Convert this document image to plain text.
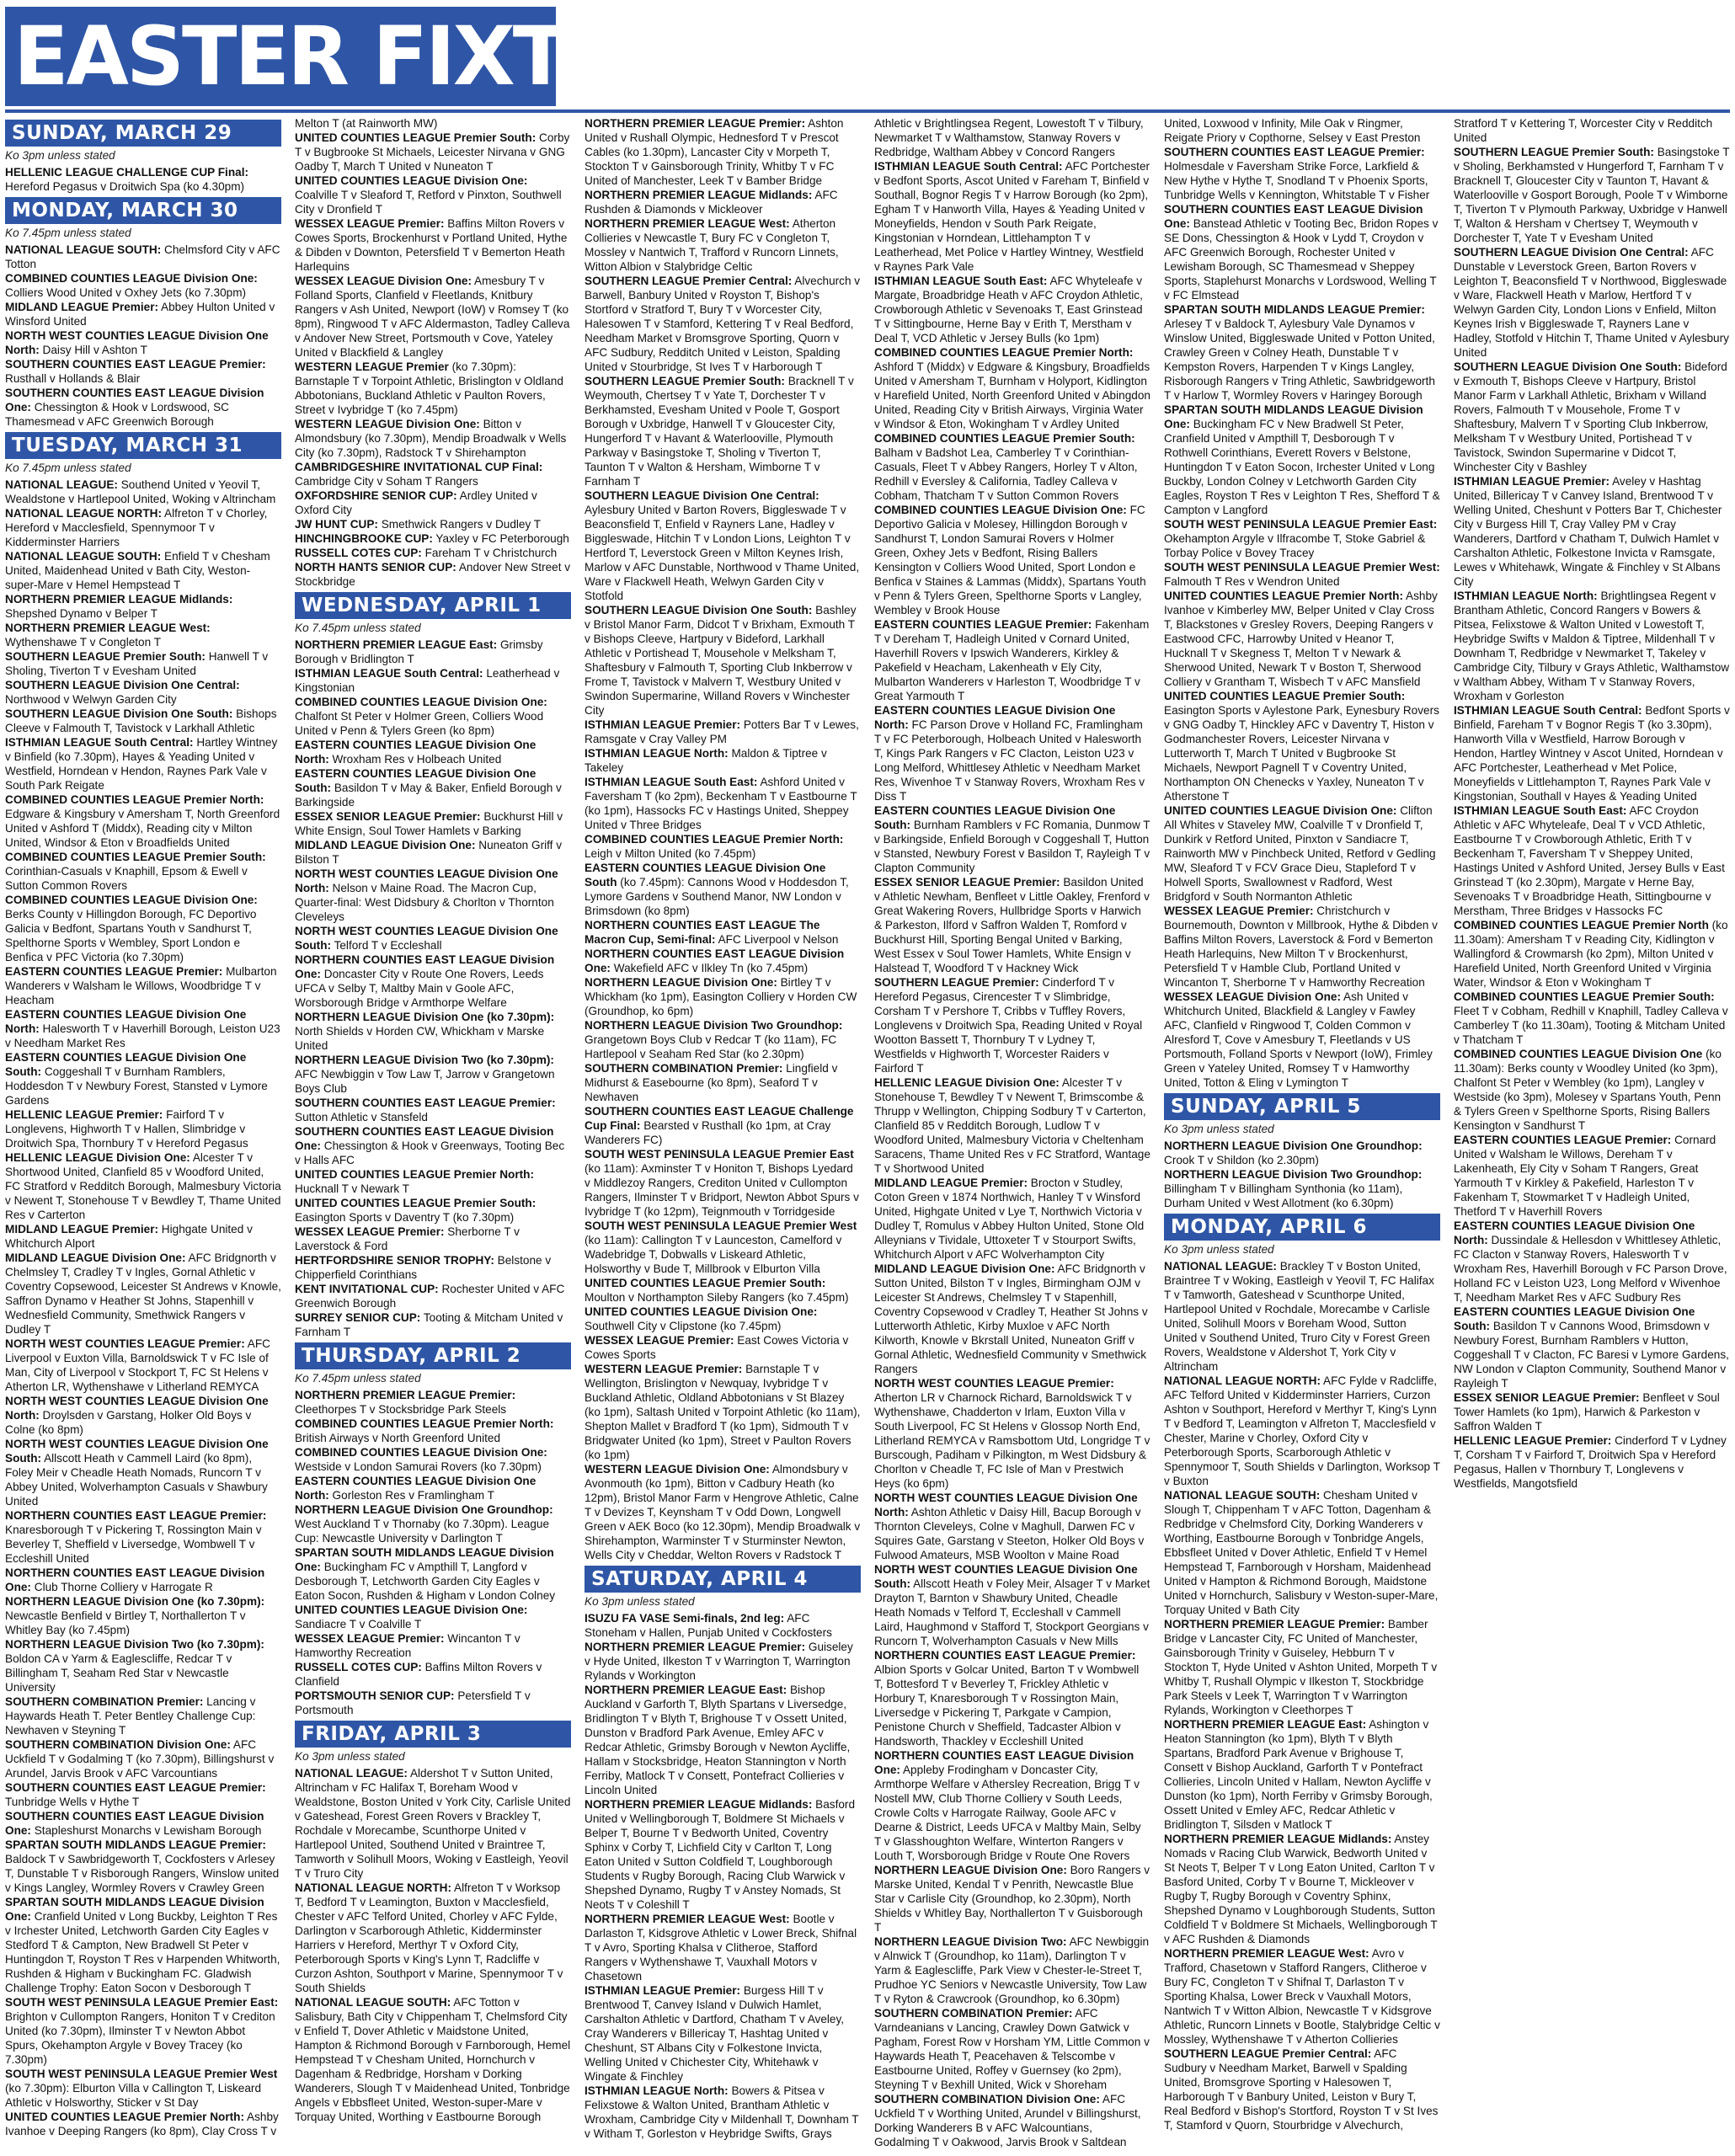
EASTER FIXTURES
SUNDAY, MARCH 29
Ko 3pm unless stated
HELLENIC LEAGUE CHALLENGE CUP Final: Hereford Pegasus v Droitwich Spa (ko 4.30pm)
MONDAY, MARCH 30
Ko 7.45pm unless stated
NATIONAL LEAGUE SOUTH: Chelmsford City v AFC Totton
COMBINED COUNTIES LEAGUE Division One: Colliers Wood United v Oxhey Jets (ko 7.30pm)
MIDLAND LEAGUE Premier: Abbey Hulton United v Winsford United
NORTH WEST COUNTIES LEAGUE Division One North: Daisy Hill v Ashton T
SOUTHERN COUNTIES EAST LEAGUE Premier: Rusthall v Hollands & Blair
SOUTHERN COUNTIES EAST LEAGUE Division One: Chessington & Hook v Lordswood, SC Thamesmead v AFC Greenwich Borough
TUESDAY, MARCH 31
Ko 7.45pm unless stated
NATIONAL LEAGUE: Southend United v Yeovil T, Wealdstone v Hartlepool United, Woking v Altrincham
NATIONAL LEAGUE NORTH: Alfreton T v Chorley, Hereford v Macclesfield, Spennymoor T v Kidderminster Harriers
NATIONAL LEAGUE SOUTH: Enfield T v Chesham United, Maidenhead United v Bath City, Weston-super-Mare v Hemel Hempstead T
NORTHERN PREMIER LEAGUE Midlands: Shepshed Dynamo v Belper T
NORTHERN PREMIER LEAGUE West: Wythenshawe T v Congleton T
SOUTHERN LEAGUE Premier South: Hanwell T v Sholing, Tiverton T v Evesham United
SOUTHERN LEAGUE Division One Central: Northwood v Welwyn Garden City
SOUTHERN LEAGUE Division One South: Bishops Cleeve v Falmouth T, Tavistock v Larkhall Athletic
ISTHMIAN LEAGUE South Central: Hartley Wintney v Binfield (ko 7.30pm), Hayes & Yeading United v Westfield, Horndean v Hendon, Raynes Park Vale v South Park Reigate
COMBINED COUNTIES LEAGUE Premier North: Edgware & Kingsbury v Amersham T, North Greenford United v Ashford T (Middx), Reading city v Milton United, Windsor & Eton v Broadfields United
COMBINED COUNTIES LEAGUE Premier South: Corinthian-Casuals v Knaphill, Epsom & Ewell v Sutton Common Rovers
COMBINED COUNTIES LEAGUE Division One: Berks County v Hillingdon Borough, FC Deportivo Galicia v Bedfont, Spartans Youth v Sandhurst T, Spelthorne Sports v Wembley, Sport London e Benfica v PFC Victoria (ko 7.30pm)
EASTERN COUNTIES LEAGUE Premier: Mulbarton Wanderers v Walsham le Willows, Woodbridge T v Heacham
EASTERN COUNTIES LEAGUE Division One North: Halesworth T v Haverhill Borough, Leiston U23 v Needham Market Res
EASTERN COUNTIES LEAGUE Division One South: Coggeshall T v Burnham Ramblers, Hoddesdon T v Newbury Forest, Stansted v Lymore Gardens
HELLENIC LEAGUE Premier: Fairford T v Longlevens, Highworth T v Hallen, Slimbridge v Droitwich Spa, Thornbury T v Hereford Pegasus
HELLENIC LEAGUE Division One: Alcester T v Shortwood United, Clanfield 85 v Woodford United, FC Stratford v Redditch Borough, Malmesbury Victoria v Newent T, Stonehouse T v Bewdley T, Thame United Res v Carterton
MIDLAND LEAGUE Premier: Highgate United v Whitchurch Alport
MIDLAND LEAGUE Division One: AFC Bridgnorth v Chelmsley T, Cradley T v Ingles, Gornal Athletic v Coventry Copsewood, Leicester St Andrews v Knowle, Saffron Dynamo v Heather St Johns, Stapenhill v Wednesfield Community, Smethwick Rangers v Dudley T
NORTH WEST COUNTIES LEAGUE Premier: AFC Liverpool v Euxton Villa, Barnoldswick T v FC Isle of Man, City of Liverpool v Stockport T, FC St Helens v Atherton LR, Wythenshawe v Litherland REMYCA
NORTH WEST COUNTIES LEAGUE Division One North: Droylsden v Garstang, Holker Old Boys v Colne (ko 8pm)
NORTH WEST COUNTIES LEAGUE Division One South: Allscott Heath v Cammell Laird (ko 8pm), Foley Meir v Cheadle Heath Nomads, Runcorn T v Abbey United, Wolverhampton Casuals v Shawbury United
NORTHERN COUNTIES EAST LEAGUE Premier: Knaresborough T v Pickering T, Rossington Main v Beverley T, Sheffield v Liversedge, Wombwell T v Eccleshill United
NORTHERN COUNTIES EAST LEAGUE Division One: Club Thorne Colliery v Harrogate R
NORTHERN LEAGUE Division One (ko 7.30pm): Newcastle Benfield v Birtley T, Northallerton T v Whitley Bay (ko 7.45pm)
NORTHERN LEAGUE Division Two (ko 7.30pm): Boldon CA v Yarm & Eaglescliffe, Redcar T v Billingham T, Seaham Red Star v Newcastle University
SOUTHERN COMBINATION Premier: Lancing v Haywards Heath T. Peter Bentley Challenge Cup: Newhaven v Steyning T
SOUTHERN COMBINATION Division One: AFC Uckfield T v Godalming T (ko 7.30pm), Billingshurst v Arundel, Jarvis Brook v AFC Varcountians
SOUTHERN COUNTIES EAST LEAGUE Premier: Tunbridge Wells v Hythe T
SOUTHERN COUNTIES EAST LEAGUE Division One: Stapleshurst Monarchs v Lewisham Borough
SPARTAN SOUTH MIDLANDS LEAGUE Premier: Baldock T v Sawbridgeworth T, Cockfosters v Arlesey T, Dunstable T v Risborough Rangers, Winslow united v Kings Langley, Wormley Rovers v Crawley Green
SPARTAN SOUTH MIDLANDS LEAGUE Division One: Cranfield United v Long Buckby, Leighton T Res v Irchester United, Letchworth Garden City Eagles v Stedford T & Campton, New Bradwell St Peter v Huntingdon T, Royston T Res v Harpenden Whitworth, Rushden & Higham v Buckingham FC. Gladwish Challenge Trophy: Eaton Socon v Desborough T
SOUTH WEST PENINSULA LEAGUE Premier East: Brighton v Cullompton Rangers, Honiton T v Crediton United (ko 7.30pm), Ilminster T v Newton Abbot Spurs, Okehampton Argyle v Bovey Tracey (ko 7.30pm)
SOUTH WEST PENINSULA LEAGUE Premier West (ko 7.30pm): Elburton Villa v Callington T, Liskeard Athletic v Holsworthy, Sticker v St Day
UNITED COUNTIES LEAGUE Premier North: Ashby Ivanhoe v Deeping Rangers (ko 8pm), Clay Cross T v Melton T (at Rainworth MW)
UNITED COUNTIES LEAGUE Premier South: Corby T v Bugbrooke St Michaels, Leicester Nirvana v GNG Oadby T, March T United v Nuneaton T
UNITED COUNTIES LEAGUE Division One: Coalville T v Sleaford T, Retford v Pinxton, Southwell City v Dronfield T
WESSEX LEAGUE Premier: Baffins Milton Rovers v Cowes Sports, Brockenhurst v Portland United, Hythe & Dibden v Downton, Petersfield T v Bemerton Heath Harlequins
WESSEX LEAGUE Division One: Amesbury T v Folland Sports, Clanfield v Fleetlands, Knitbury Rangers v Ash United, Newport (IoW) v Romsey T (ko 8pm), Ringwood T v AFC Aldermaston, Tadley Calleva v Andover New Street, Portsmouth v Cove, Yateley United v Blackfield & Langley
WESTERN LEAGUE Premier (ko 7.30pm): Barnstaple T v Torpoint Athletic, Brislington v Oldland Abbotonians, Buckland Athletic v Paulton Rovers, Street v Ivybridge T (ko 7.45pm)
WESTERN LEAGUE Division One: Bitton v Almondsbury (ko 7.30pm), Mendip Broadwalk v Wells City (ko 7.30pm), Radstock T v Shirehampton
CAMBRIDGESHIRE INVITATIONAL CUP Final: Cambridge City v Soham T Rangers
OXFORDSHIRE SENIOR CUP: Ardley United v Oxford City
JW HUNT CUP: Smethwick Rangers v Dudley T
HINCHINGBROOKE CUP: Yaxley v FC Peterborough
RUSSELL COTES CUP: Fareham T v Christchurch
NORTH HANTS SENIOR CUP: Andover New Street v Stockbridge
WEDNESDAY, APRIL 1
Ko 7.45pm unless stated
NORTHERN PREMIER LEAGUE East: Grimsby Borough v Bridlington T
ISTHMIAN LEAGUE South Central: Leatherhead v Kingstonian
COMBINED COUNTIES LEAGUE Division One: Chalfont St Peter v Holmer Green, Colliers Wood United v Penn & Tylers Green (ko 8pm)
EASTERN COUNTIES LEAGUE Division One North: Wroxham Res v Holbeach United
EASTERN COUNTIES LEAGUE Division One South: Basildon T v May & Baker, Enfield Borough v Barkingside
ESSEX SENIOR LEAGUE Premier: Buckhurst Hill v White Ensign, Soul Tower Hamlets v Barking
MIDLAND LEAGUE Division One: Nuneaton Griff v Bilston T
NORTH WEST COUNTIES LEAGUE Division One North: Nelson v Maine Road. The Macron Cup, Quarter-final: West Didsbury & Chorlton v Thornton Cleveleys
NORTH WEST COUNTIES LEAGUE Division One South: Telford T v Eccleshall
NORTHERN COUNTIES EAST LEAGUE Division One: Doncaster City v Route One Rovers, Leeds UFCA v Selby T, Maltby Main v Goole AFC, Worsborough Bridge v Armthorpe Welfare
NORTHERN LEAGUE Division One (ko 7.30pm): North Shields v Horden CW, Whickham v Marske United
NORTHERN LEAGUE Division Two (ko 7.30pm): AFC Newbiggin v Tow Law T, Jarrow v Grangetown Boys Club
SOUTHERN COUNTIES EAST LEAGUE Premier: Sutton Athletic v Stansfeld
SOUTHERN COUNTIES EAST LEAGUE Division One: Chessington & Hook v Greenways, Tooting Bec v Halls AFC
UNITED COUNTIES LEAGUE Premier North: Hucknall T v Newark T
UNITED COUNTIES LEAGUE Premier South: Easington Sports v Daventry T (ko 7.30pm)
WESSEX LEAGUE Premier: Sherborne T v Laverstock & Ford
HERTFORDSHIRE SENIOR TROPHY: Belstone v Chipperfield Corinthians
KENT INVITATIONAL CUP: Rochester United v AFC Greenwich Borough
SURREY SENIOR CUP: Tooting & Mitcham United v Farnham T
THURSDAY, APRIL 2
Ko 7.45pm unless stated
NORTHERN PREMIER LEAGUE Premier: Cleethorpes T v Stocksbridge Park Steels
COMBINED COUNTIES LEAGUE Premier North: British Airways v North Greenford United
COMBINED COUNTIES LEAGUE Division One: Westside v London Samurai Rovers (ko 7.30pm)
EASTERN COUNTIES LEAGUE Division One North: Gorleston Res v Framlingham T
NORTHERN LEAGUE Division One Groundhop: West Auckland T v Thornaby (ko 7.30pm). League Cup: Newcastle University v Darlington T
SPARTAN SOUTH MIDLANDS LEAGUE Division One: Buckingham FC v Ampthill T, Langford v Desborough T, Letchworth Garden City Eagles v Eaton Socon, Rushden & Higham v London Colney
UNITED COUNTIES LEAGUE Division One: Sandiacre T v Coalville T
WESSEX LEAGUE Premier: Wincanton T v Hamworthy Recreation
RUSSELL COTES CUP: Baffins Milton Rovers v Clanfield
PORTSMOUTH SENIOR CUP: Petersfield T v Portsmouth
FRIDAY, APRIL 3
Ko 3pm unless stated
NATIONAL LEAGUE: Aldershot T v Sutton United, Altrincham v FC Halifax T, Boreham Wood v Wealdstone, Boston United v York City, Carlisle United v Gateshead, Forest Green Rovers v Brackley T, Rochdale v Morecambe, Scunthorpe United v Hartlepool United, Southend United v Braintree T, Tamworth v Solihull Moors, Woking v Eastleigh, Yeovil T v Truro City
NATIONAL LEAGUE NORTH: Alfreton T v Worksop T, Bedford T v Leamington, Buxton v Macclesfield, Chester v AFC Telford United, Chorley v AFC Fylde, Darlington v Scarborough Athletic, Kidderminster Harriers v Hereford, Merthyr T v Oxford City, Peterborough Sports v King's Lynn T, Radcliffe v Curzon Ashton, Southport v Marine, Spennymoor T v South Shields
NATIONAL LEAGUE SOUTH: AFC Totton v Salisbury, Bath City v Chippenham T, Chelmsford City v Enfield T, Dover Athletic v Maidstone United, Hampton & Richmond Borough v Farnborough, Hemel Hempstead T v Chesham United, Hornchurch v Dagenham & Redbridge, Horsham v Dorking Wanderers, Slough T v Maidenhead United, Tonbridge Angels v Ebbsfleet United, Weston-super-Mare v Torquay United, Worthing v Eastbourne Borough
NORTHERN PREMIER LEAGUE Premier: Ashton United v Rushall Olympic, Hednesford T v Prescot Cables (ko 1.30pm), Lancaster City v Morpeth T, Stockton T v Gainsborough Trinity, Whitby T v FC United of Manchester, Leek T v Bamber Bridge
NORTHERN PREMIER LEAGUE Midlands: AFC Rushden & Diamonds v Mickleover
NORTHERN PREMIER LEAGUE West: Atherton Collieries v Newcastle T, Bury FC v Congleton T, Mossley v Nantwich T, Trafford v Runcorn Linnets, Witton Albion v Stalybridge Celtic
SOUTHERN LEAGUE Premier Central: Alvechurch v Barwell, Banbury United v Royston T, Bishop's Stortford v Stratford T, Bury T v Worcester City, Halesowen T v Stamford, Kettering T v Real Bedford, Needham Market v Bromsgrove Sporting, Quorn v AFC Sudbury, Redditch United v Leiston, Spalding United v Stourbridge, St Ives T v Harborough T
SOUTHERN LEAGUE Premier South: Bracknell T v Weymouth, Chertsey T v Yate T, Dorchester T v Berkhamsted, Evesham United v Poole T, Gosport Borough v Uxbridge, Hanwell T v Gloucester City, Hungerford T v Havant & Waterlooville, Plymouth Parkway v Basingstoke T, Sholing v Tiverton T, Taunton T v Walton & Hersham, Wimborne T v Farnham T
SOUTHERN LEAGUE Division One Central: Aylesbury United v Barton Rovers, Biggleswade T v Beaconsfield T, Enfield v Rayners Lane, Hadley v Biggleswade, Hitchin T v London Lions, Leighton T v Hertford T, Leverstock Green v Milton Keynes Irish, Marlow v AFC Dunstable, Northwood v Thame United, Ware v Flackwell Heath, Welwyn Garden City v Stotfold
SOUTHERN LEAGUE Division One South: Bashley v Bristol Manor Farm, Didcot T v Brixham, Exmouth T v Bishops Cleeve, Hartpury v Bideford, Larkhall Athletic v Portishead T, Mousehole v Melksham T, Shaftesbury v Falmouth T, Sporting Club Inkberrow v Frome T, Tavistock v Malvern T, Westbury United v Swindon Supermarine, Willand Rovers v Winchester City
ISTHMIAN LEAGUE Premier: Potters Bar T v Lewes, Ramsgate v Cray Valley PM
ISTHMIAN LEAGUE North: Maldon & Tiptree v Takeley
ISTHMIAN LEAGUE South East: Ashford United v Faversham T (ko 2pm), Beckenham T v Eastbourne T (ko 1pm), Hassocks FC v Hastings United, Sheppey United v Three Bridges
COMBINED COUNTIES LEAGUE Premier North: Leigh v Milton United (ko 7.45pm)
EASTERN COUNTIES LEAGUE Division One South (ko 7.45pm): Cannons Wood v Hoddesdon T, Lymore Gardens v Southend Manor, NW London v Brimsdown (ko 8pm)
NORTHERN COUNTIES EAST LEAGUE The Macron Cup, Semi-final: AFC Liverpool v Nelson
NORTHERN COUNTIES EAST LEAGUE Division One: Wakefield AFC v Ilkley Tn (ko 7.45pm)
NORTHERN LEAGUE Division One: Birtley T v Whickham (ko 1pm), Easington Colliery v Horden CW (Groundhop, ko 6pm)
NORTHERN LEAGUE Division Two Groundhop: Grangetown Boys Club v Redcar T (ko 11am), FC Hartlepool v Seaham Red Star (ko 2.30pm)
SOUTHERN COMBINATION Premier: Lingfield v Midhurst & Easebourne (ko 8pm), Seaford T v Newhaven
SOUTHERN COUNTIES EAST LEAGUE Challenge Cup Final: Bearsted v Rusthall (ko 1pm, at Cray Wanderers FC)
SOUTH WEST PENINSULA LEAGUE Premier East (ko 11am): Axminster T v Honiton T, Bishops Lyedard v Middlezoy Rangers, Crediton United v Cullompton Rangers, Ilminster T v Bridport, Newton Abbot Spurs v Ivybridge T (ko 12pm), Teignmouth v Torridgeside
SOUTH WEST PENINSULA LEAGUE Premier West (ko 11am): Callington T v Launceston, Camelford v Wadebridge T, Dobwalls v Liskeard Athletic, Holsworthy v Bude T, Millbrook v Elburton Villa
UNITED COUNTIES LEAGUE Premier South: Moulton v Northampton Sileby Rangers (ko 7.45pm)
UNITED COUNTIES LEAGUE Division One: Southwell City v Clipstone (ko 7.45pm)
WESSEX LEAGUE Premier: East Cowes Victoria v Cowes Sports
WESTERN LEAGUE Premier: Barnstaple T v Wellington, Brislington v Newquay, Ivybridge T v Buckland Athletic, Oldland Abbotonians v St Blazey (ko 1pm), Saltash United v Torpoint Athletic (ko 11am), Shepton Mallet v Bradford T (ko 1pm), Sidmouth T v Bridgwater United (ko 1pm), Street v Paulton Rovers (ko 1pm)
WESTERN LEAGUE Division One: Almondsbury v Avonmouth (ko 1pm), Bitton v Cadbury Heath (ko 12pm), Bristol Manor Farm v Hengrove Athletic, Calne T v Devizes T, Keynsham T v Odd Down, Longwell Green v AEK Boco (ko 12.30pm), Mendip Broadwalk v Shirehampton, Warminster T v Sturminster Newton, Wells City v Cheddar, Welton Rovers v Radstock T
SATURDAY, APRIL 4
Ko 3pm unless stated
ISUZU FA VASE Semi-finals, 2nd leg: AFC Stoneham v Hallen, Punjab United v Cockfosters
NORTHERN PREMIER LEAGUE Premier: Guiseley v Hyde United, Ilkeston T v Warrington T, Warrington Rylands v Workington
NORTHERN PREMIER LEAGUE East: Bishop Auckland v Garforth T, Blyth Spartans v Liversedge, Bridlington T v Blyth T, Brighouse T v Ossett United, Dunston v Bradford Park Avenue, Emley AFC v Redcar Athletic, Grimsby Borough v Newton Aycliffe, Hallam v Stocksbridge, Heaton Stannington v North Ferriby, Matlock T v Consett, Pontefract Collieries v Lincoln United
NORTHERN PREMIER LEAGUE Midlands: Basford United v Wellingborough T, Boldmere St Michaels v Belper T, Bourne T v Bedworth United, Coventry Sphinx v Corby T, Lichfield City v Carlton T, Long Eaton United v Sutton Coldfield T, Loughborough Students v Rugby Borough, Racing Club Warwick v Shepshed Dynamo, Rugby T v Anstey Nomads, St Neots T v Coleshill T
NORTHERN PREMIER LEAGUE West: Bootle v Darlaston T, Kidsgrove Athletic v Lower Breck, Shifnal T v Avro, Sporting Khalsa v Clitheroe, Stafford Rangers v Wythenshawe T, Vauxhall Motors v Chasetown
ISTHMIAN LEAGUE Premier: Burgess Hill T v Brentwood T, Canvey Island v Dulwich Hamlet, Carshalton Athletic v Dartford, Chatham T v Aveley, Cray Wanderers v Billericay T, Hashtag United v Cheshunt, ST Albans City v Folkestone Invicta, Welling United v Chichester City, Whitehawk v Wingate & Finchley
ISTHMIAN LEAGUE North: Bowers & Pitsea v Felixstowe & Walton United, Brantham Athletic v Wroxham, Cambridge City v Mildenhall T, Downham T v Witham T, Gorleston v Heybridge Swifts, Grays Athletic v Brightlingsea Regent, Lowestoft T v Tilbury, Newmarket T v Walthamstow, Stanway Rovers v Redbridge, Waltham Abbey v Concord Rangers
ISTHMIAN LEAGUE South Central: AFC Portchester v Bedfont Sports, Ascot United v Fareham T, Binfield v Southall, Bognor Regis T v Harrow Borough (ko 2pm), Egham T v Hanworth Villa, Hayes & Yeading United v Moneyfields, Hendon v South Park Reigate, Kingstonian v Horndean, Littlehampton T v Leatherhead, Met Police v Hartley Wintney, Westfield v Raynes Park Vale
ISTHMIAN LEAGUE South East: AFC Whyteleafe v Margate, Broadbridge Heath v AFC Croydon Athletic, Crowborough Athletic v Sevenoaks T, East Grinstead T v Sittingbourne, Herne Bay v Erith T, Merstham v Deal T, VCD Athletic v Jersey Bulls (ko 1pm)
COMBINED COUNTIES LEAGUE Premier North: Ashford T (Middx) v Edgware & Kingsbury, Broadfields United v Amersham T, Burnham v Holyport, Kidlington v Harefield United, North Greenford United v Abingdon United, Reading City v British Airways, Virginia Water v Windsor & Eton, Wokingham T v Ardley United
COMBINED COUNTIES LEAGUE Premier South: Balham v Badshot Lea, Camberley T v Corinthian-Casuals, Fleet T v Abbey Rangers, Horley T v Alton, Redhill v Eversley & California, Tadley Calleva v Cobham, Thatcham T v Sutton Common Rovers
COMBINED COUNTIES LEAGUE Division One: FC Deportivo Galicia v Molesey, Hillingdon Borough v Sandhurst T, London Samurai Rovers v Holmer Green, Oxhey Jets v Bedfont, Rising Ballers Kensington v Colliers Wood United, Sport London e Benfica v Staines & Lammas (Middx), Spartans Youth v Penn & Tylers Green, Spelthorne Sports v Langley, Wembley v Brook House
EASTERN COUNTIES LEAGUE Premier: Fakenham T v Dereham T, Hadleigh United v Cornard United, Haverhill Rovers v Ipswich Wanderers, Kirkley & Pakefield v Heacham, Lakenheath v Ely City, Mulbarton Wanderers v Harleston T, Woodbridge T v Great Yarmouth T
EASTERN COUNTIES LEAGUE Division One North: FC Parson Drove v Holland FC, Framlingham T v FC Peterborough, Holbeach United v Halesworth T, Kings Park Rangers v FC Clacton, Leiston U23 v Long Melford, Whittlesey Athletic v Needham Market Res, Wivenhoe T v Stanway Rovers, Wroxham Res v Diss T
EASTERN COUNTIES LEAGUE Division One South: Burnham Ramblers v FC Romania, Dunmow T v Barkingside, Enfield Borough v Coggeshall T, Hutton v Stansted, Newbury Forest v Basildon T, Rayleigh T v Clapton Community
ESSEX SENIOR LEAGUE Premier: Basildon United v Athletic Newham, Benfleet v Little Oakley, Frenford v Great Wakering Rovers, Hullbridge Sports v Harwich & Parkeston, Ilford v Saffron Walden T, Romford v Buckhurst Hill, Sporting Bengal United v Barking, West Essex v Soul Tower Hamlets, White Ensign v Halstead T, Woodford T v Hackney Wick
SOUTHERN LEAGUE Premier: Cinderford T v Hereford Pegasus, Cirencester T v Slimbridge, Corsham T v Pershore T, Cribbs v Tuffley Rovers, Longlevens v Droitwich Spa, Reading United v Royal Wootton Bassett T, Thornbury T v Lydney T, Westfields v Highworth T, Worcester Raiders v Fairford T
HELLENIC LEAGUE Division One: Alcester T v Stonehouse T, Bewdley T v Newent T, Brimscombe & Thrupp v Wellington, Chipping Sodbury T v Carterton, Clanfield 85 v Redditch Borough, Ludlow T v Woodford United, Malmesbury Victoria v Cheltenham Saracens, Thame United Res v FC Stratford, Wantage T v Shortwood United
MIDLAND LEAGUE Premier: Brocton v Studley, Coton Green v 1874 Northwich, Hanley T v Winsford United, Highgate United v Lye T, Northwich Victoria v Dudley T, Romulus v Abbey Hulton United, Stone Old Alleynians v Tividale, Uttoxeter T v Stourport Swifts, Whitchurch Alport v AFC Wolverhampton City
MIDLAND LEAGUE Division One: AFC Bridgnorth v Sutton United, Bilston T v Ingles, Birmingham OJM v Leicester St Andrews, Chelmsley T v Stapenhill, Coventry Copsewood v Cradley T, Heather St Johns v Lutterworth Athletic, Kirby Muxloe v AFC North Kilworth, Knowle v Bkrstall United, Nuneaton Griff v Gornal Athletic, Wednesfield Community v Smethwick Rangers
NORTH WEST COUNTIES LEAGUE Premier: Atherton LR v Charnock Richard, Barnoldswick T v Wythenshawe, Chadderton v Irlam, Euxton Villa v South Liverpool, FC St Helens v Glossop North End, Litherland REMYCA v Ramsbottom Utd, Longridge T v Burscough, Padiham v Pilkington, m West Didsbury & Chorlton v Cheadle T, FC Isle of Man v Prestwich Heys (ko 6pm)
NORTH WEST COUNTIES LEAGUE Division One North: Ashton Athletic v Daisy Hill, Bacup Borough v Thornton Cleveleys, Colne v Maghull, Darwen FC v Squires Gate, Garstang v Steeton, Holker Old Boys v Fulwood Amateurs, MSB Woolton v Maine Road
NORTH WEST COUNTIES LEAGUE Division One South: Allscott Heath v Foley Meir, Alsager T v Market Drayton T, Barnton v Shawbury United, Cheadle Heath Nomads v Telford T, Eccleshall v Cammell Laird, Haughmond v Stafford T, Stockport Georgians v Runcorn T, Wolverhampton Casuals v New Mills
NORTHERN COUNTIES EAST LEAGUE Premier: Albion Sports v Golcar United, Barton T v Wombwell T, Bottesford T v Beverley T, Frickley Athletic v Horbury T, Knaresborough T v Rossington Main, Liversedge v Pickering T, Parkgate v Campion, Penistone Church v Sheffield, Tadcaster Albion v Handsworth, Thackley v Eccleshill United
NORTHERN COUNTIES EAST LEAGUE Division One: Appleby Frodingham v Doncaster City, Armthorpe Welfare v Athersley Recreation, Brigg T v Nostell MW, Club Thorne Colliery v South Leeds, Crowle Colts v Harrogate Railway, Goole AFC v Dearne & District, Leeds UFCA v Maltby Main, Selby T v Glasshoughton Welfare, Winterton Rangers v Louth T, Worsborough Bridge v Route One Rovers
NORTHERN LEAGUE Division One: Boro Rangers v Marske United, Kendal T v Penrith, Newcastle Blue Star v Carlisle City (Groundhop, ko 2.30pm), North Shields v Whitley Bay, Northallerton T v Guisborough T
NORTHERN LEAGUE Division Two: AFC Newbiggin v Alnwick T (Groundhop, ko 11am), Darlington T v Yarm & Eaglescliffe, Park View v Chester-le-Street T, Prudhoe YC Seniors v Newcastle University, Tow Law T v Ryton & Crawcrook (Groundhop, ko 6.30pm)
SOUTHERN COMBINATION Premier: AFC Varndeanians v Lancing, Crawley Down Gatwick v Pagham, Forest Row v Horsham YM, Little Common v Haywards Heath T, Peacehaven & Telscombe v Eastbourne United, Roffey v Guernsey (ko 2pm), Steyning T v Bexhill United, Wick v Shoreham
SOUTHERN COMBINATION Division One: AFC Uckfield T v Worthing United, Arundel v Billingshurst, Dorking Wanderers B v AFC Walcountians, Godalming T v Oakwood, Jarvis Brook v Saltdean United, Loxwood v Infinity, Mile Oak v Ringmer, Reigate Priory v Copthorne, Selsey v East Preston
SOUTHERN COUNTIES EAST LEAGUE Premier: Holmesdale v Faversham Strike Force, Larkfield & New Hythe v Hythe T, Snodland T v Phoenix Sports, Tunbridge Wells v Kennington, Whitstable T v Fisher
SOUTHERN COUNTIES EAST LEAGUE Division One: Banstead Athletic v Tooting Bec, Bridon Ropes v SE Dons, Chessington & Hook v Lydd T, Croydon v AFC Greenwich Borough, Rochester United v Lewisham Borough, SC Thamesmead v Sheppey Sports, Staplehurst Monarchs v Lordswood, Welling T v FC Elmstead
SPARTAN SOUTH MIDLANDS LEAGUE Premier: Arlesey T v Baldock T, Aylesbury Vale Dynamos v Winslow United, Biggleswade United v Potton United, Crawley Green v Colney Heath, Dunstable T v Kempston Rovers, Harpenden T v Kings Langley, Risborough Rangers v Tring Athletic, Sawbridgeworth T v Harlow T, Wormley Rovers v Haringey Borough
SPARTAN SOUTH MIDLANDS LEAGUE Division One: Buckingham FC v New Bradwell St Peter, Cranfield United v Ampthill T, Desborough T v Rothwell Corinthians, Everett Rovers v Belstone, Huntingdon T v Eaton Socon, Irchester United v Long Buckby, London Colney v Letchworth Garden City Eagles, Royston T Res v Leighton T Res, Shefford T & Campton v Langford
SOUTH WEST PENINSULA LEAGUE Premier East: Okehampton Argyle v Ilfracombe T, Stoke Gabriel & Torbay Police v Bovey Tracey
SOUTH WEST PENINSULA LEAGUE Premier West: Falmouth T Res v Wendron United
UNITED COUNTIES LEAGUE Premier North: Ashby Ivanhoe v Kimberley MW, Belper United v Clay Cross T, Blackstones v Gresley Rovers, Deeping Rangers v Eastwood CFC, Harrowby United v Heanor T, Hucknall T v Skegness T, Melton T v Newark & Sherwood United, Newark T v Boston T, Sherwood Colliery v Grantham T, Wisbech T v AFC Mansfield
UNITED COUNTIES LEAGUE Premier South: Easington Sports v Aylestone Park, Eynesbury Rovers v GNG Oadby T, Hinckley AFC v Daventry T, Histon v Godmanchester Rovers, Leicester Nirvana v Lutterworth T, March T United v Bugbrooke St Michaels, Newport Pagnell T v Coventry United, Northampton ON Chenecks v Yaxley, Nuneaton T v Atherstone T
UNITED COUNTIES LEAGUE Division One: Clifton All Whites v Staveley MW, Coalville T v Dronfield T, Dunkirk v Retford United, Pinxton v Sandiacre T, Rainworth MW v Pinchbeck United, Retford v Gedling MW, Sleaford T v FCV Grace Dieu, Stapleford T v Holwell Sports, Swallownest v Radford, West Bridgford v South Normanton Athletic
WESSEX LEAGUE Premier: Christchurch v Bournemouth, Downton v Millbrook, Hythe & Dibden v Baffins Milton Rovers, Laverstock & Ford v Bemerton Heath Harlequins, New Milton T v Brockenhurst, Petersfield T v Hamble Club, Portland United v Wincanton T, Sherborne T v Hamworthy Recreation
WESSEX LEAGUE Division One: Ash United v Whitchurch United, Blackfield & Langley v Fawley AFC, Clanfield v Ringwood T, Colden Common v Alresford T, Cove v Amesbury T, Fleetlands v US Portsmouth, Folland Sports v Newport (IoW), Frimley Green v Yateley United, Romsey T v Hamworthy United, Totton & Eling v Lymington T
SUNDAY, APRIL 5
Ko 3pm unless stated
NORTHERN LEAGUE Division One Groundhop: Crook T v Shildon (ko 2.30pm)
NORTHERN LEAGUE Division Two Groundhop: Billingham T v Billingham Synthonia (ko 11am), Durham United v West Allotment (ko 6.30pm)
MONDAY, APRIL 6
Ko 3pm unless stated
NATIONAL LEAGUE: Brackley T v Boston United, Braintree T v Woking, Eastleigh v Yeovil T, FC Halifax T v Tamworth, Gateshead v Scunthorpe United, Hartlepool United v Rochdale, Morecambe v Carlisle United, Solihull Moors v Boreham Wood, Sutton United v Southend United, Truro City v Forest Green Rovers, Wealdstone v Aldershot T, York City v Altrincham
NATIONAL LEAGUE NORTH: AFC Fylde v Radcliffe, AFC Telford United v Kidderminster Harriers, Curzon Ashton v Southport, Hereford v Merthyr T, King's Lynn T v Bedford T, Leamington v Alfreton T, Macclesfield v Chester, Marine v Chorley, Oxford City v Peterborough Sports, Scarborough Athletic v Spennymoor T, South Shields v Darlington, Worksop T v Buxton
NATIONAL LEAGUE SOUTH: Chesham United v Slough T, Chippenham T v AFC Totton, Dagenham & Redbridge v Chelmsford City, Dorking Wanderers v Worthing, Eastbourne Borough v Tonbridge Angels, Ebbsfleet United v Dover Athletic, Enfield T v Hemel Hempstead T, Farnborough v Horsham, Maidenhead United v Hampton & Richmond Borough, Maidstone United v Hornchurch, Salisbury v Weston-super-Mare, Torquay United v Bath City
NORTHERN PREMIER LEAGUE Premier: Bamber Bridge v Lancaster City, FC United of Manchester, Gainsborough Trinity v Guiseley, Hebburn T v Stockton T, Hyde United v Ashton United, Morpeth T v Whitby T, Rushall Olympic v Ilkeston T, Stockbridge Park Steels v Leek T, Warrington T v Warrington Rylands, Workington v Cleethorpes T
NORTHERN PREMIER LEAGUE East: Ashington v Heaton Stannington (ko 1pm), Blyth T v Blyth Spartans, Bradford Park Avenue v Brighouse T, Consett v Bishop Auckland, Garforth T v Pontefract Collieries, Lincoln United v Hallam, Newton Aycliffe v Dunston (ko 1pm), North Ferriby v Grimsby Borough, Ossett United v Emley AFC, Redcar Athletic v Bridlington T, Silsden v Matlock T
NORTHERN PREMIER LEAGUE Midlands: Anstey Nomads v Racing Club Warwick, Bedworth United v St Neots T, Belper T v Long Eaton United, Carlton T v Basford United, Corby T v Bourne T, Mickleover v Rugby T, Rugby Borough v Coventry Sphinx, Shepshed Dynamo v Loughborough Students, Sutton Coldfield T v Boldmere St Michaels, Wellingborough T v AFC Rushden & Diamonds
NORTHERN PREMIER LEAGUE West: Avro v Trafford, Chasetown v Stafford Rangers, Clitheroe v Bury FC, Congleton T v Shifnal T, Darlaston T v Sporting Khalsa, Lower Breck v Vauxhall Motors, Nantwich T v Witton Albion, Newcastle T v Kidsgrove Athletic, Runcorn Linnets v Bootle, Stalybridge Celtic v Mossley, Wythenshawe T v Atherton Collieries
SOUTHERN LEAGUE Premier Central: AFC Sudbury v Needham Market, Barwell v Spalding United, Bromsgrove Sporting v Halesowen T, Harborough T v Banbury United, Leiston v Bury T, Real Bedford v Bishop's Stortford, Royston T v St Ives T, Stamford v Quorn, Stourbridge v Alvechurch, Stratford T v Kettering T, Worcester City v Redditch United
SOUTHERN LEAGUE Premier South: Basingstoke T v Sholing, Berkhamsted v Hungerford T, Farnham T v Bracknell T, Gloucester City v Taunton T, Havant & Waterlooville v Gosport Borough, Poole T v Wimborne T, Tiverton T v Plymouth Parkway, Uxbridge v Hanwell T, Walton & Hersham v Chertsey T, Weymouth v Dorchester T, Yate T v Evesham United
SOUTHERN LEAGUE Division One Central: AFC Dunstable v Leverstock Green, Barton Rovers v Leighton T, Beaconsfield T v Northwood, Biggleswade v Ware, Flackwell Heath v Marlow, Hertford T v Welwyn Garden City, London Lions v Enfield, Milton Keynes Irish v Biggleswade T, Rayners Lane v Hadley, Stotfold v Hitchin T, Thame United v Aylesbury United
SOUTHERN LEAGUE Division One South: Bideford v Exmouth T, Bishops Cleeve v Hartpury, Bristol Manor Farm v Larkhall Athletic, Brixham v Willand Rovers, Falmouth T v Mousehole, Frome T v Shaftesbury, Malvern T v Sporting Club Inkberrow, Melksham T v Westbury United, Portishead T v Tavistock, Swindon Supermarine v Didcot T, Winchester City v Bashley
ISTHMIAN LEAGUE Premier: Aveley v Hashtag United, Billericay T v Canvey Island, Brentwood T v Welling United, Cheshunt v Potters Bar T, Chichester City v Burgess Hill T, Cray Valley PM v Cray Wanderers, Dartford v Chatham T, Dulwich Hamlet v Carshalton Athletic, Folkestone Invicta v Ramsgate, Lewes v Whitehawk, Wingate & Finchley v St Albans City
ISTHMIAN LEAGUE North: Brightlingsea Regent v Brantham Athletic, Concord Rangers v Bowers & Pitsea, Felixstowe & Walton United v Lowestoft T, Heybridge Swifts v Maldon & Tiptree, Mildenhall T v Downham T, Redbridge v Newmarket T, Takeley v Cambridge City, Tilbury v Grays Athletic, Walthamstow v Waltham Abbey, Witham T v Stanway Rovers, Wroxham v Gorleston
ISTHMIAN LEAGUE South Central: Bedfont Sports v Binfield, Fareham T v Bognor Regis T (ko 3.30pm), Hanworth Villa v Westfield, Harrow Borough v Hendon, Hartley Wintney v Ascot United, Horndean v AFC Portchester, Leatherhead v Met Police, Moneyfields v Littlehampton T, Raynes Park Vale v Kingstonian, Southall v Hayes & Yeading United
ISTHMIAN LEAGUE South East: AFC Croydon Athletic v AFC Whyteleafe, Deal T v VCD Athletic, Eastbourne T v Crowborough Athletic, Erith T v Beckenham T, Faversham T v Sheppey United, Hastings United v Ashford United, Jersey Bulls v East Grinstead T (ko 2.30pm), Margate v Herne Bay, Sevenoaks T v Broadbridge Heath, Sittingbourne v Merstham, Three Bridges v Hassocks FC
COMBINED COUNTIES LEAGUE Premier North (ko 11.30am): Amersham T v Reading City, Kidlington v Wallingford & Crowmarsh (ko 2pm), Milton United v Harefield United, North Greenford United v Virginia Water, Windsor & Eton v Wokingham T
COMBINED COUNTIES LEAGUE Premier South: Fleet T v Cobham, Redhill v Knaphill, Tadley Calleva v Camberley T (ko 11.30am), Tooting & Mitcham United v Thatcham T
COMBINED COUNTIES LEAGUE Division One (ko 11.30am): Berks county v Woodley United (ko 3pm), Chalfont St Peter v Wembley (ko 1pm), Langley v Westside (ko 3pm), Molesey v Spartans Youth, Penn & Tylers Green v Spelthorne Sports, Rising Ballers Kensington v Sandhurst T
EASTERN COUNTIES LEAGUE Premier: Cornard United v Walsham le Willows, Dereham T v Lakenheath, Ely City v Soham T Rangers, Great Yarmouth T v Kirkley & Pakefield, Harleston T v Fakenham T, Stowmarket T v Hadleigh United, Thetford T v Haverhill Rovers
EASTERN COUNTIES LEAGUE Division One North: Dussindale & Hellesdon v Whittlesey Athletic, FC Clacton v Stanway Rovers, Halesworth T v Wroxham Res, Haverhill Borough v FC Parson Drove, Holland FC v Leiston U23, Long Melford v Wivenhoe T, Needham Market Res v AFC Sudbury Res
EASTERN COUNTIES LEAGUE Division One South: Basildon T v Cannons Wood, Brimsdown v Newbury Forest, Burnham Ramblers v Hutton, Coggeshall T v Clacton, FC Baresi v Lymore Gardens, NW London v Clapton Community, Southend Manor v Rayleigh T
ESSEX SENIOR LEAGUE Premier: Benfleet v Soul Tower Hamlets (ko 1pm), Harwich & Parkeston v Saffron Walden T
HELLENIC LEAGUE Premier: Cinderford T v Lydney T, Corsham T v Fairford T, Droitwich Spa v Hereford Pegasus, Hallen v Thornbury T, Longlevens v Westfields, Mangotsfield
